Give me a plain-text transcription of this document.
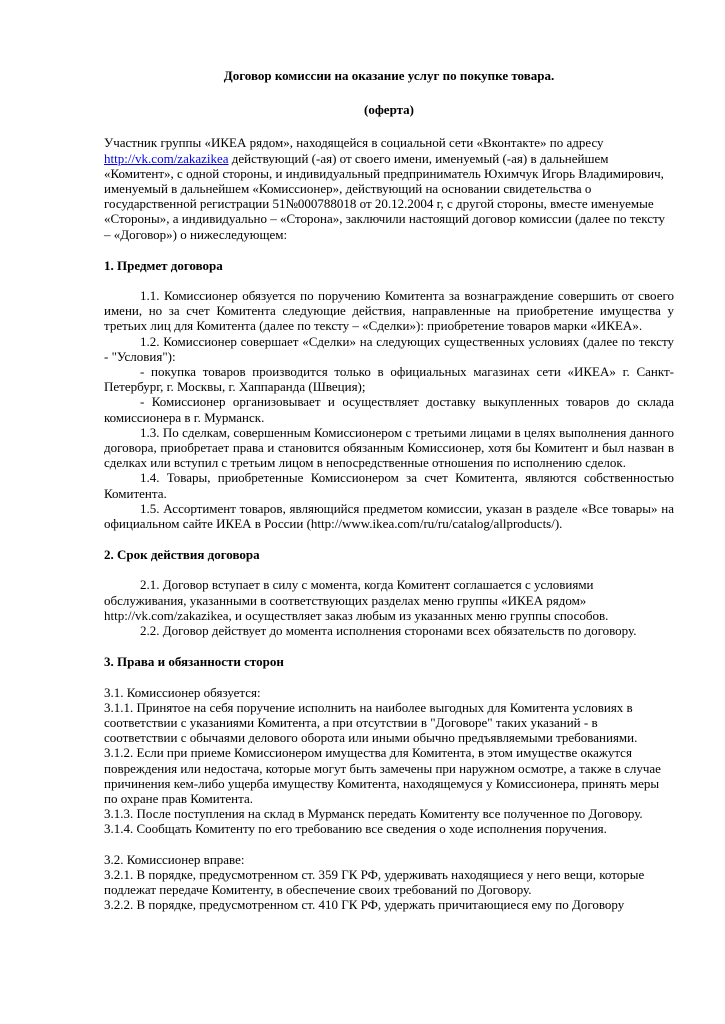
Договор комиссии на оказание услуг по покупке товара.

(оферта)

Участник группы «ИКЕА рядом», находящейся в социальной сети «Вконтакте» по адресу http://vk.com/zakazikea действующий (-ая) от своего имени, именуемый (-ая) в дальнейшем «Комитент», с одной стороны, и индивидуальный предприниматель Юхимчук Игорь Владимирович, именуемый в дальнейшем «Комиссионер», действующий на основании свидетельства о государственной регистрации 51№000788018 от 20.12.2004 г, с другой стороны, вместе именуемые «Стороны», а индивидуально – «Сторона», заключили настоящий договор комиссии (далее по тексту – «Договор») о нижеследующем:

1. Предмет договора

1.1. Комиссионер обязуется по поручению Комитента за вознаграждение совершить от своего имени, но за счет Комитента следующие действия, направленные на приобретение имущества у третьих лиц для Комитента (далее по тексту – «Сделки»): приобретение товаров марки «ИКЕА».

1.2. Комиссионер совершает «Сделки» на следующих существенных условиях (далее по тексту - "Условия"):

- покупка товаров производится только в официальных магазинах сети «ИКЕА» г. Санкт-Петербург, г. Москвы, г. Хаппаранда (Швеция);

- Комиссионер организовывает и осуществляет доставку выкупленных товаров до склада комиссионера в г. Мурманск.

1.3. По сделкам, совершенным Комиссионером с третьими лицами в целях выполнения данного договора, приобретает права и становится обязанным Комиссионер, хотя бы Комитент и был назван в сделках или вступил с третьим лицом в непосредственные отношения по исполнению сделок.

1.4. Товары, приобретенные Комиссионером за счет Комитента, являются собственностью Комитента.

1.5. Ассортимент товаров, являющийся предметом комиссии, указан в разделе «Все товары» на официальном сайте ИКЕА в России (http://www.ikea.com/ru/ru/catalog/allproducts/).

2. Срок действия договора

2.1. Договор вступает в силу с момента, когда Комитент соглашается с условиями обслуживания, указанными в соответствующих разделах меню группы «ИКЕА рядом» http://vk.com/zakazikea, и осуществляет заказ любым из указанных меню группы способов.

2.2. Договор действует до момента исполнения сторонами всех обязательств по договору.

3. Права и обязанности сторон

3.1. Комиссионер обязуется:

3.1.1. Принятое на себя поручение исполнить на наиболее выгодных для Комитента условиях в соответствии с указаниями Комитента, а при отсутствии в "Договоре" таких указаний - в соответствии с обычаями делового оборота или иными обычно предъявляемыми требованиями.

3.1.2. Если при приеме Комиссионером имущества для Комитента, в этом имуществе окажутся повреждения или недостача, которые могут быть замечены при наружном осмотре, а также в случае причинения кем-либо ущерба имуществу Комитента, находящемуся у Комиссионера, принять меры по охране прав Комитента.

3.1.3. После поступления на склад в Мурманск передать Комитенту все полученное по Договору.

3.1.4. Сообщать Комитенту по его требованию все сведения о ходе исполнения поручения.

3.2. Комиссионер вправе:

3.2.1. В порядке, предусмотренном ст. 359 ГК РФ, удерживать находящиеся у него вещи, которые подлежат передаче Комитенту, в обеспечение своих требований по Договору.

3.2.2. В порядке, предусмотренном ст. 410 ГК РФ, удержать причитающиеся ему по Договору
